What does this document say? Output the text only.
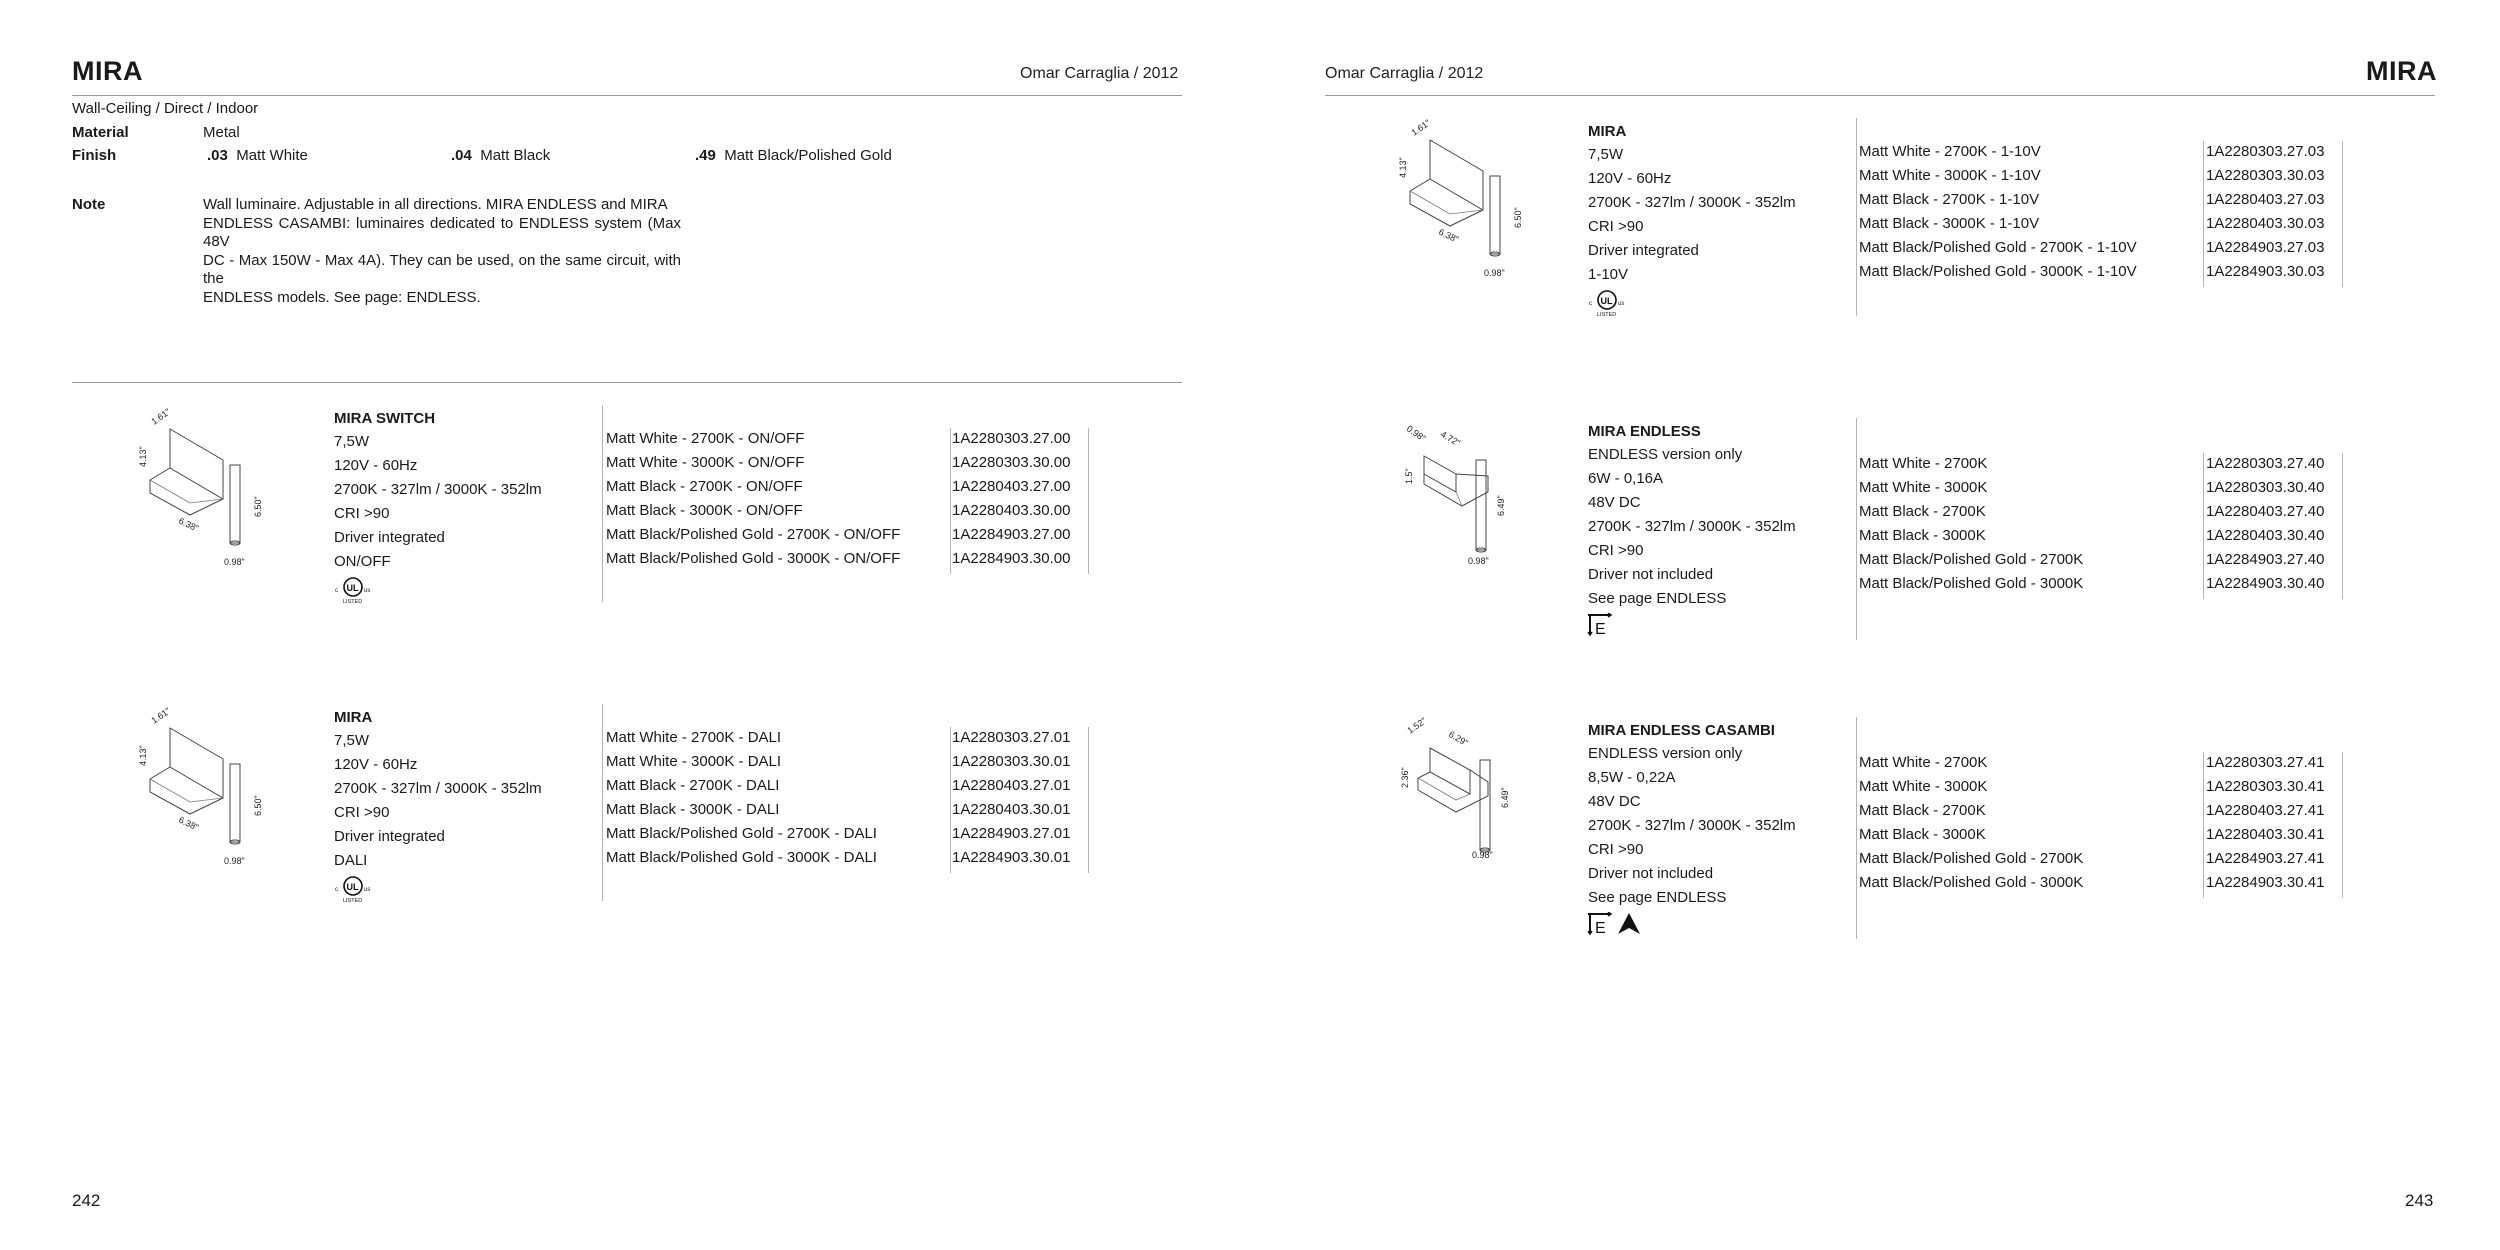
MIRA	Omar Carraglia / 2012
Wall-Ceiling / Direct / Indoor
Material	Metal
Finish	.03 Matt White	.04 Matt Black	.49 Matt Black/Polished Gold
Note	Wall luminaire. Adjustable in all directions. MIRA ENDLESS and MIRA
ENDLESS CASAMBI: luminaires dedicated to ENDLESS system (Max 48V
DC - Max 150W - Max 4A). They can be used, on the same circuit, with the
ENDLESS models. See page: ENDLESS.
1.61"
4.13"
6.38"
6.50"
0.98"
MIRA SWITCH
7,5W
120V - 60Hz
2700K - 327lm / 3000K - 352lm
CRI >90
Driver integrated
ON/OFF
UL
c	us
LISTED
Matt White - 2700K - ON/OFF	1A2280303.27.00
Matt White - 3000K - ON/OFF	1A2280303.30.00
Matt Black - 2700K - ON/OFF	1A2280403.27.00
Matt Black - 3000K - ON/OFF	1A2280403.30.00
Matt Black/Polished Gold - 2700K - ON/OFF	1A2284903.27.00
Matt Black/Polished Gold - 3000K - ON/OFF	1A2284903.30.00
1.61"
4.13"
6.38"
6.50"
0.98"
MIRA
7,5W
120V - 60Hz
2700K - 327lm / 3000K - 352lm
CRI >90
Driver integrated
DALI
UL
c	us
LISTED
Matt White - 2700K - DALI	1A2280303.27.01
Matt White - 3000K - DALI	1A2280303.30.01
Matt Black - 2700K - DALI	1A2280403.27.01
Matt Black - 3000K - DALI	1A2280403.30.01
Matt Black/Polished Gold - 2700K - DALI	1A2284903.27.01
Matt Black/Polished Gold - 3000K - DALI	1A2284903.30.01
242
Omar Carraglia / 2012	MIRA
1.61"
4.13"
6.38"
6.50"
0.98"
MIRA
7,5W
120V - 60Hz
2700K - 327lm / 3000K - 352lm
CRI >90
Driver integrated
1-10V
UL
c	us
LISTED
Matt White - 2700K - 1-10V	1A2280303.27.03
Matt White - 3000K - 1-10V	1A2280303.30.03
Matt Black - 2700K - 1-10V	1A2280403.27.03
Matt Black - 3000K - 1-10V	1A2280403.30.03
Matt Black/Polished Gold - 2700K - 1-10V	1A2284903.27.03
Matt Black/Polished Gold - 3000K - 1-10V	1A2284903.30.03
0.98" 4.72"
1.5"
6.49"
0.98"
MIRA ENDLESS
ENDLESS version only
6W - 0,16A
48V DC
2700K - 327lm / 3000K - 352lm
CRI >90
Driver not included
See page ENDLESS
E
Matt White - 2700K	1A2280303.27.40
Matt White - 3000K	1A2280303.30.40
Matt Black - 2700K	1A2280403.27.40
Matt Black - 3000K	1A2280403.30.40
Matt Black/Polished Gold - 2700K	1A2284903.27.40
Matt Black/Polished Gold - 3000K	1A2284903.30.40
1.52"
6.29"
2.36"
6.49"
0.98"
MIRA ENDLESS CASAMBI
ENDLESS version only
8,5W - 0,22A
48V DC
2700K - 327lm / 3000K - 352lm
CRI >90
Driver not included
See page ENDLESS
E
Matt White - 2700K	1A2280303.27.41
Matt White - 3000K	1A2280303.30.41
Matt Black - 2700K	1A2280403.27.41
Matt Black - 3000K	1A2280403.30.41
Matt Black/Polished Gold - 2700K	1A2284903.27.41
Matt Black/Polished Gold - 3000K	1A2284903.30.41
243
